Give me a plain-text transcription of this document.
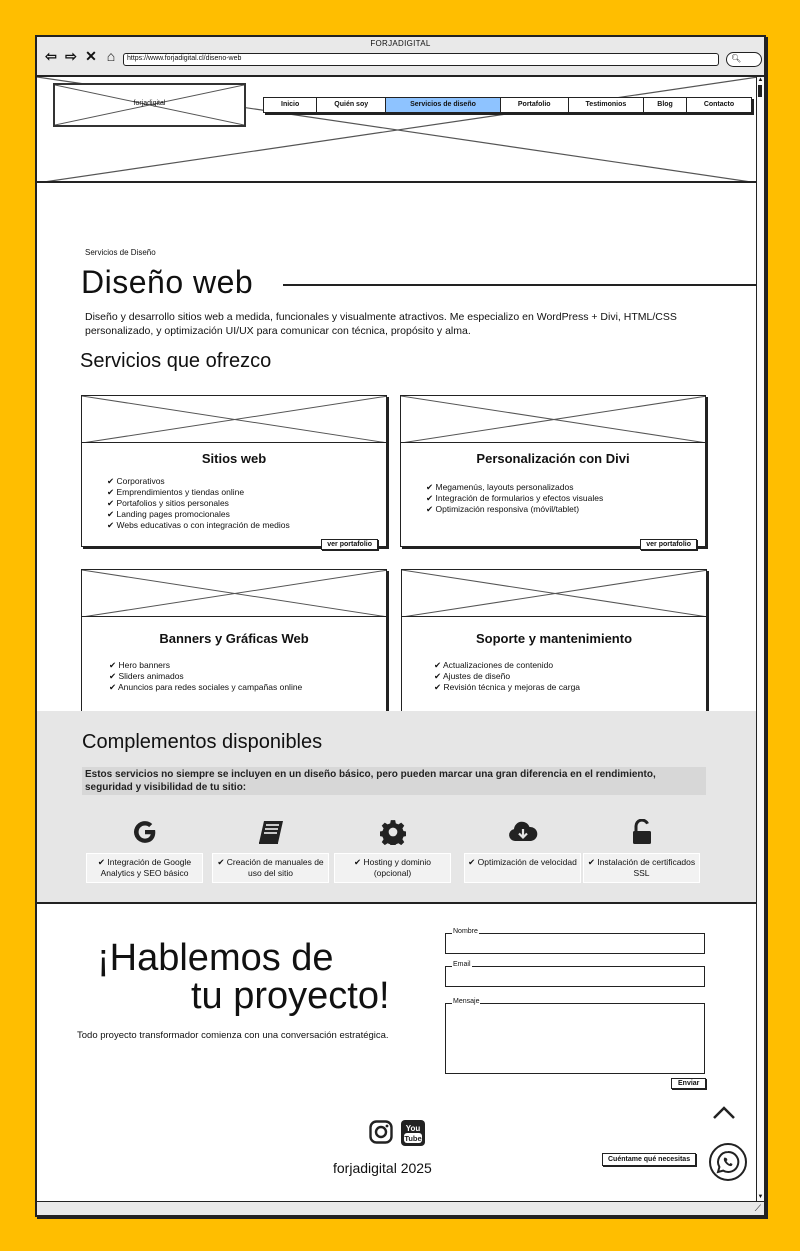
FORJADIGITAL
⇦ ⇨ ✕ ⌂	https://www.forjadigital.cl/diseno-web	🔍︎
forjadigital	Inicio	Quién soy	Servicios de diseño	Portafolio	Testimonios	Blog	Contacto
Servicios de Diseño
Diseño web
Diseño y desarrollo sitios web a medida, funcionales y visualmente atractivos. Me especializo en WordPress + Divi, HTML/CSS personalizado, y optimización UI/UX para comunicar con técnica, propósito y alma.
Servicios que ofrezco
Sitios web
✔ Corporativos
✔ Emprendimientos y tiendas online
✔ Portafolios y sitios personales
✔ Landing pages promocionales
✔ Webs educativas o con integración de medios
ver portafolio
Personalización con Divi
✔ Megamenús, layouts personalizados
✔ Integración de formularios y efectos visuales
✔ Optimización responsiva (móvil/tablet)
ver portafolio
Banners y Gráficas Web
✔ Hero banners
✔ Sliders animados
✔ Anuncios para redes sociales y campañas online
Soporte y mantenimiento
✔ Actualizaciones de contenido
✔ Ajustes de diseño
✔ Revisión técnica y mejoras de carga
Complementos disponibles
Estos servicios no siempre se incluyen en un diseño básico, pero pueden marcar una gran diferencia en el rendimiento, seguridad y visibilidad de tu sitio:
✔ Integración de Google Analytics y SEO básico
✔ Creación de manuales de uso del sitio
✔ Hosting y dominio (opcional)
✔ Optimización de velocidad	✔ Instalación de certificados SSL
¡Hablemos de
tu proyecto!
Todo proyecto transformador comienza con una conversación estratégica.
Nombre
Email
Mensaje
Enviar
You
Tube
forjadigital 2025
Cuéntame qué necesitas
▲
▼
⟋
